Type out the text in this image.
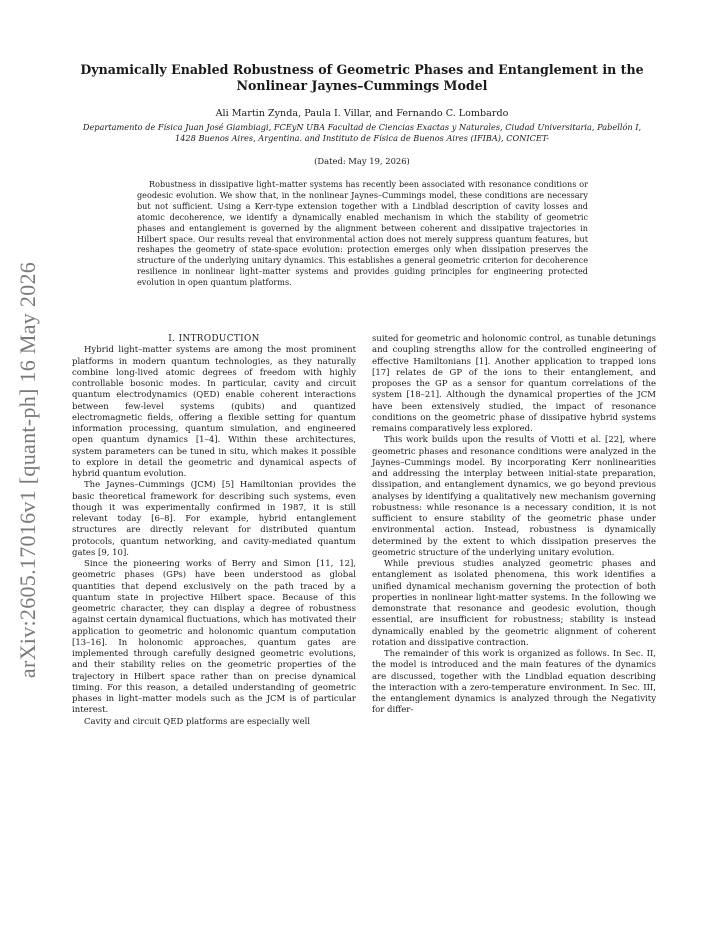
arXiv:2605.17016v1 [quant-ph] 16 May 2026
Dynamically Enabled Robustness of Geometric Phases and Entanglement in the Nonlinear Jaynes–Cummings Model
Ali Martin Zynda, Paula I. Villar, and Fernando C. Lombardo
Departamento de Física Juan José Giambiagi, FCEyN UBA Facultad de Ciencias Exactas y Naturales, Ciudad Universitaria, Pabellón I, 1428 Buenos Aires, Argentina. and Instituto de Física de Buenos Aires (IFIBA), CONICET-
(Dated: May 19, 2026)
Robustness in dissipative light–matter systems has recently been associated with resonance conditions or geodesic evolution. We show that, in the nonlinear Jaynes–Cummings model, these conditions are necessary but not sufficient. Using a Kerr-type extension together with a Lindblad description of cavity losses and atomic decoherence, we identify a dynamically enabled mechanism in which the stability of geometric phases and entanglement is governed by the alignment between coherent and dissipative trajectories in Hilbert space. Our results reveal that environmental action does not merely suppress quantum features, but reshapes the geometry of state-space evolution: protection emerges only when dissipation preserves the structure of the underlying unitary dynamics. This establishes a general geometric criterion for decoherence resilience in nonlinear light–matter systems and provides guiding principles for engineering protected evolution in open quantum platforms.

I. INTRODUCTION

Hybrid light–matter systems are among the most prominent platforms in modern quantum technologies, as they naturally combine long-lived atomic degrees of freedom with highly controllable bosonic modes. In particular, cavity and circuit quantum electrodynamics (QED) enable coherent interactions between few-level systems (qubits) and quantized electromagnetic fields, offering a flexible setting for quantum information processing, quantum simulation, and engineered open quantum dynamics [1–4]. Within these architectures, system parameters can be tuned in situ, which makes it possible to explore in detail the geometric and dynamical aspects of hybrid quantum evolution.

The Jaynes–Cummings (JCM) [5] Hamiltonian provides the basic theoretical framework for describing such systems, even though it was experimentally confirmed in 1987, it is still relevant today [6–8]. For example, hybrid entanglement structures are directly relevant for distributed quantum protocols, quantum networking, and cavity-mediated quantum gates [9, 10].

Since the pioneering works of Berry and Simon [11, 12], geometric phases (GPs) have been understood as global quantities that depend exclusively on the path traced by a quantum state in projective Hilbert space. Because of this geometric character, they can display a degree of robustness against certain dynamical fluctuations, which has motivated their application to geometric and holonomic quantum computation [13–16]. In holonomic approaches, quantum gates are implemented through carefully designed geometric evolutions, and their stability relies on the geometric properties of the trajectory in Hilbert space rather than on precise dynamical timing. For this reason, a detailed understanding of geometric phases in light–matter models such as the JCM is of particular interest.

Cavity and circuit QED platforms are especially well

suited for geometric and holonomic control, as tunable detunings and coupling strengths allow for the controlled engineering of effective Hamiltonians [1]. Another application to trapped ions [17] relates de GP of the ions to their entanglement, and proposes the GP as a sensor for quantum correlations of the system [18–21]. Although the dynamical properties of the JCM have been extensively studied, the impact of resonance conditions on the geometric phase of dissipative hybrid systems remains comparatively less explored.

This work builds upon the results of Viotti et al. [22], where geometric phases and resonance conditions were analyzed in the Jaynes–Cummings model. By incorporating Kerr nonlinearities and addressing the interplay between initial-state preparation, dissipation, and entanglement dynamics, we go beyond previous analyses by identifying a qualitatively new mechanism governing robustness: while resonance is a necessary condition, it is not sufficient to ensure stability of the geometric phase under environmental action. Instead, robustness is dynamically determined by the extent to which dissipation preserves the geometric structure of the underlying unitary evolution.

While previous studies analyzed geometric phases and entanglement as isolated phenomena, this work identifies a unified dynamical mechanism governing the protection of both properties in nonlinear light-matter systems. In the following we demonstrate that resonance and geodesic evolution, though essential, are insufficient for robustness; stability is instead dynamically enabled by the geometric alignment of coherent rotation and dissipative contraction.

The remainder of this work is organized as follows. In Sec. II, the model is introduced and the main features of the dynamics are discussed, together with the Lindblad equation describing the interaction with a zero-temperature environment. In Sec. III, the entanglement dynamics is analyzed through the Negativity for differ-
